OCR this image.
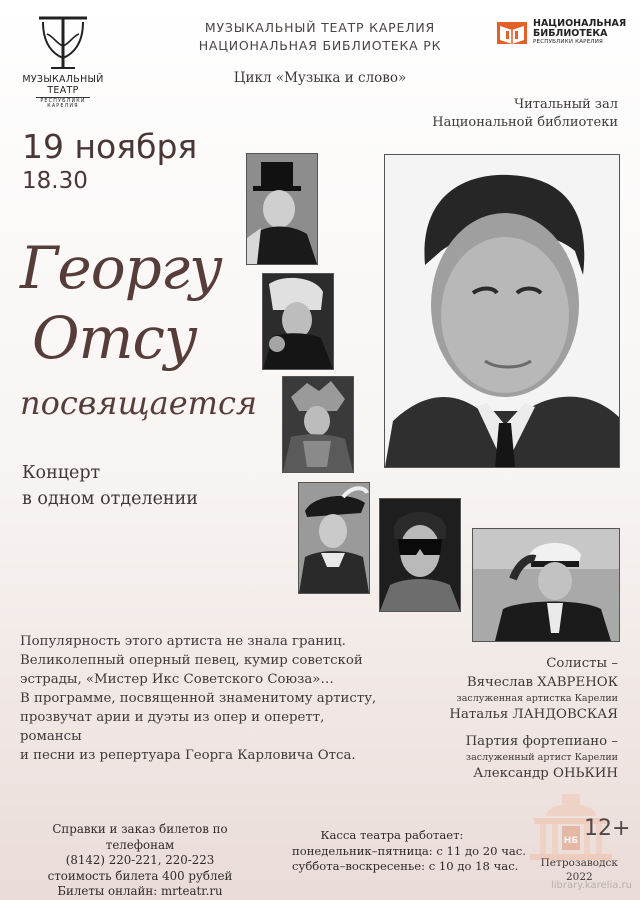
МУЗЫКАЛЬНЫЙ
ТЕАТР
РЕСПУБЛИКИ КАРЕЛИЯ
МУЗЫКАЛЬНЫЙ ТЕАТР КАРЕЛИЯ
НАЦИОНАЛЬНАЯ БИБЛИОТЕКА РК
НАЦИОНАЛЬНАЯ
БИБЛИОТЕКА
РЕСПУБЛИКИ КАРЕЛИЯ
Цикл «Музыка и слово»
Читальный зал
Национальной библиотеки
19 ноября
18.30
Георгу
Отсу
посвящается
Концерт
в одном отделении
Популярность этого артиста не знала границ.
Великолепный оперный певец, кумир советской
эстрады, «Мистер Икс Советского Союза»…
В программе, посвященной знаменитому артисту,
прозвучат арии и дуэты из опер и оперетт, романсы
и песни из репертуара Георга Карловича Отса.
Солисты –
Вячеслав ХАВРЕНОК
заслуженная артистка Карелии
Наталья ЛАНДОВСКАЯ
Партия фортепиано –
заслуженный артист Карелии
Александр ОНЬКИН
Справки и заказ билетов по телефонам
(8142) 220-221, 220-223
стоимость билета 400 рублей
Билеты онлайн: mrteatr.ru
Касса театра работает:
понедельник–пятница: с 11 до 20 час.
суббота–воскресенье: с 10 до 18 час.
НБ 12+
Петрозаводск
2022
library.karelia.ru
